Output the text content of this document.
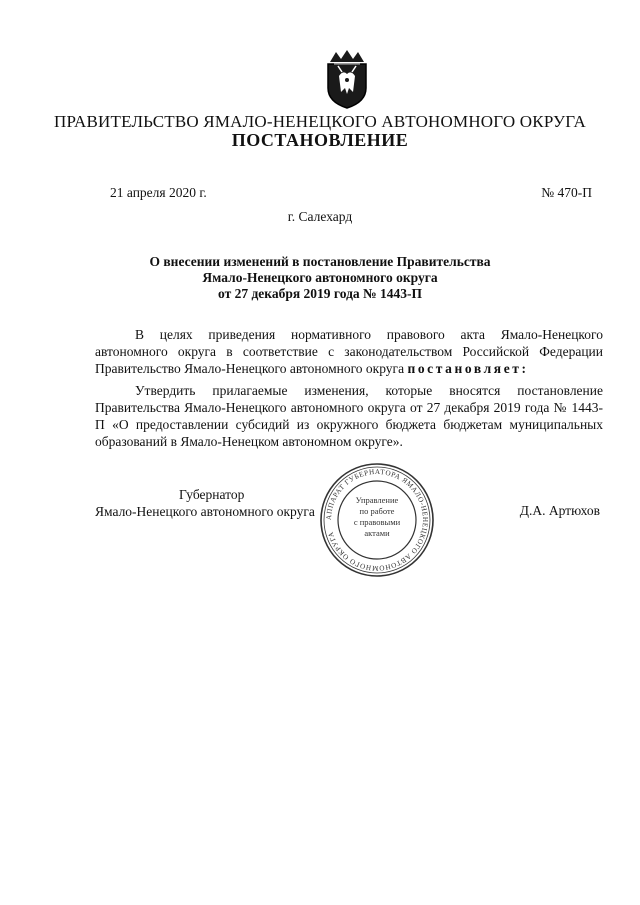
ПРАВИТЕЛЬСТВО ЯМАЛО-НЕНЕЦКОГО АВТОНОМНОГО ОКРУГА
ПОСТАНОВЛЕНИЕ
21 апреля 2020 г.	№ 470-П
г. Салехард
О внесении изменений в постановление Правительства
Ямало-Ненецкого автономного округа
от 27 декабря 2019 года № 1443-П
В целях приведения нормативного правового акта Ямало-Ненецкого автономного округа в соответствие с законодательством Российской Федерации Правительство Ямало-Ненецкого автономного округа постановляет:
Утвердить прилагаемые изменения, которые вносятся постановление Правительства Ямало-Ненецкого автономного округа от 27 декабря 2019 года № 1443-П «О предоставлении субсидий из окружного бюджета бюджетам муниципальных образований в Ямало-Ненецком автономном округе».
Губернатор
Ямало-Ненецкого автономного округа АППАРАТ ГУБЕРНАТОРА ЯМАЛО-НЕНЕЦКОГО АВТОНОМНОГО ОКРУГА
Управление
по работе
с правовыми
актами
Д.А. Артюхов
